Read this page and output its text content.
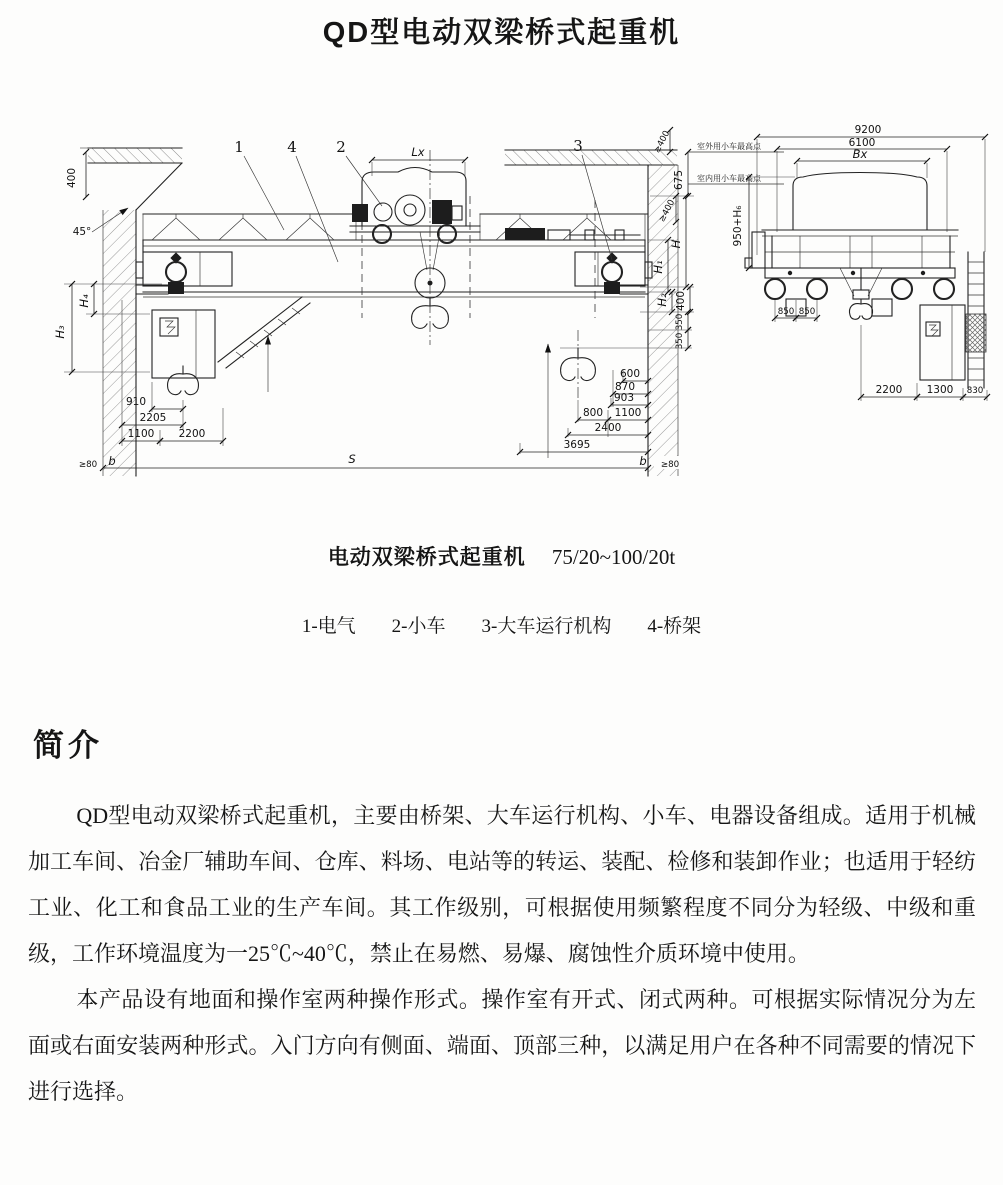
QD型电动双梁桥式起重机
1	4	2	3
Lx
400
45°
H₄
H₃
910
2205
1100 2200
S
≥80 b	b ≥80
600
870
903
800 1100
2400
3695
≥400
675
≥400
H
H₁
H₂ 400
350
350
室外用小车最高点
室内用小车最高点
9200
6100
Bx
950+H₆
850 850
2200 1300 830
电动双梁桥式起重机 75/20~100/20t
1-电气 2-小车 3-大车运行机构 4-桥架
简介

QD型电动双梁桥式起重机，主要由桥架、大车运行机构、小车、电器设备组成。适用于机械加工车间、冶金厂辅助车间、仓库、料场、电站等的转运、装配、检修和装卸作业；也适用于轻纺工业、化工和食品工业的生产车间。其工作级别，可根据使用频繁程度不同分为轻级、中级和重级，工作环境温度为一25℃~40℃，禁止在易燃、易爆、腐蚀性介质环境中使用。

本产品设有地面和操作室两种操作形式。操作室有开式、闭式两种。可根据实际情况分为左面或右面安装两种形式。入门方向有侧面、端面、顶部三种，以满足用户在各种不同需要的情况下进行选择。
